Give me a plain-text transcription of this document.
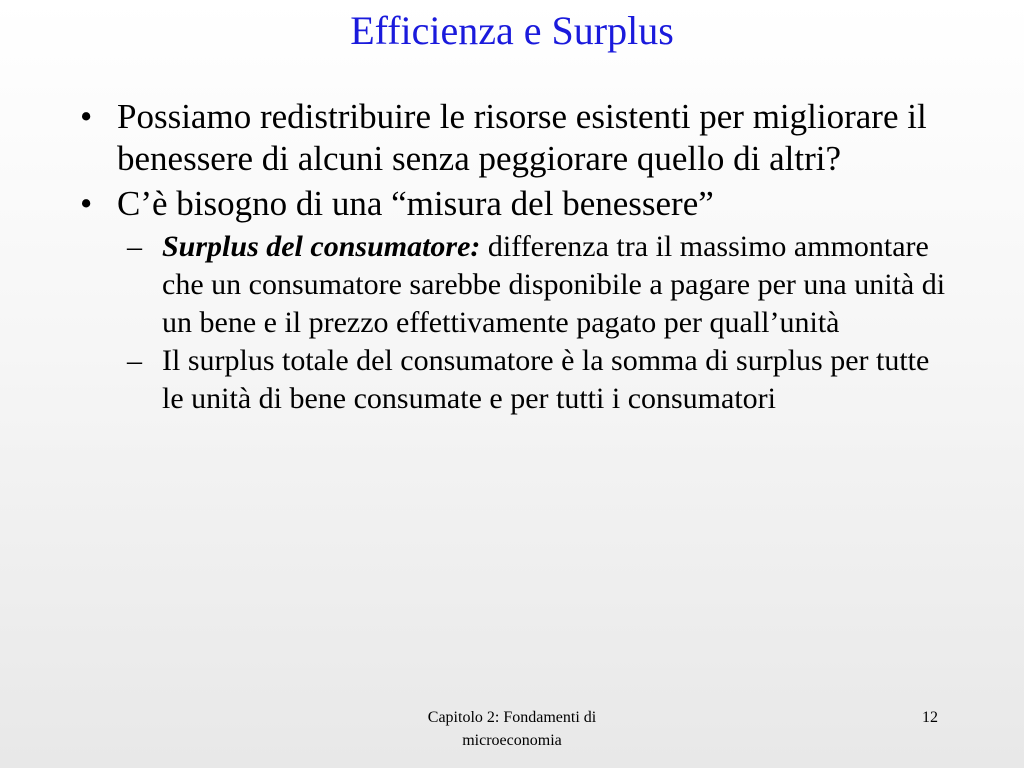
Efficienza e Surplus
• Possiamo redistribuire le risorse esistenti per migliorare il benessere di alcuni senza peggiorare quello di altri?
• C’è bisogno di una “misura del benessere”
– Surplus del consumatore: differenza tra il massimo ammontare che un consumatore sarebbe disponibile a pagare per una unità di un bene e il prezzo effettivamente pagato per quall’unità
– Il surplus totale del consumatore è la somma di surplus per tutte le unità di bene consumate e per tutti i consumatori
Capitolo 2: Fondamenti di
microeconomia
12
